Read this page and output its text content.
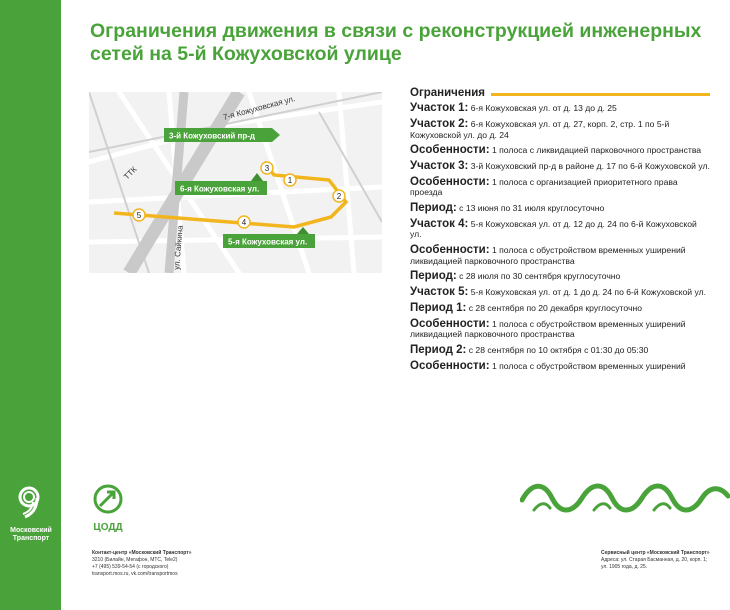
Московский Транспорт
Ограничения движения в связи с реконструкцией инженерных сетей на 5-й Кожуховской улице
7-я Кожуховская ул.
ТТК
ул. Сайкина
3-й Кожуховский пр-д
6-я Кожуховская ул.
5-я Кожуховская ул.
1
2
3
4
5
Ограничения
Участок 1: 6-я Кожуховская ул. от д. 13 до д. 25
Участок 2: 6-я Кожуховская ул. от д. 27, корп. 2, стр. 1 по 5-й Кожуховской ул. до д. 24
Особенности: 1 полоса с ликвидацией парковочного пространства
Участок 3: 3-й Кожуховский пр-д в районе д. 17 по 6-й Кожуховской ул.
Особенности: 1 полоса с организацией приоритетного права проезда
Период: с 13 июня по 31 июля круглосуточно
Участок 4: 5-я Кожуховская ул. от д. 12 до д. 24 по 6-й Кожуховской ул.
Особенности: 1 полоса с обустройством временных уширений ликвидацией парковочного пространства
Период: с 28 июля по 30 сентября круглосуточно
Участок 5: 5-я Кожуховская ул. от д. 1 до д. 24 по 6-й Кожуховской ул.
Период 1: с 28 сентября по 20 декабря круглосуточно
Особенности: 1 полоса с обустройством временных уширений ликвидацией парковочного пространства
Период 2: с 28 сентября по 10 октября с 01:30 до 05:30
Особенности: 1 полоса с обустройством временных уширений
ЦОДД
Контакт-центр «Московский Транспорт»
3210 (Билайн, Мегафон, МТС, Tele2)
+7 (495) 539-54-54 (с городского)
transport.mos.ru, vk.com/transportmos
Сервисный центр «Московский Транспорт»
Адреса: ул. Старая Басманная, д. 20, корп. 1;
ул. 1905 года, д. 25.
